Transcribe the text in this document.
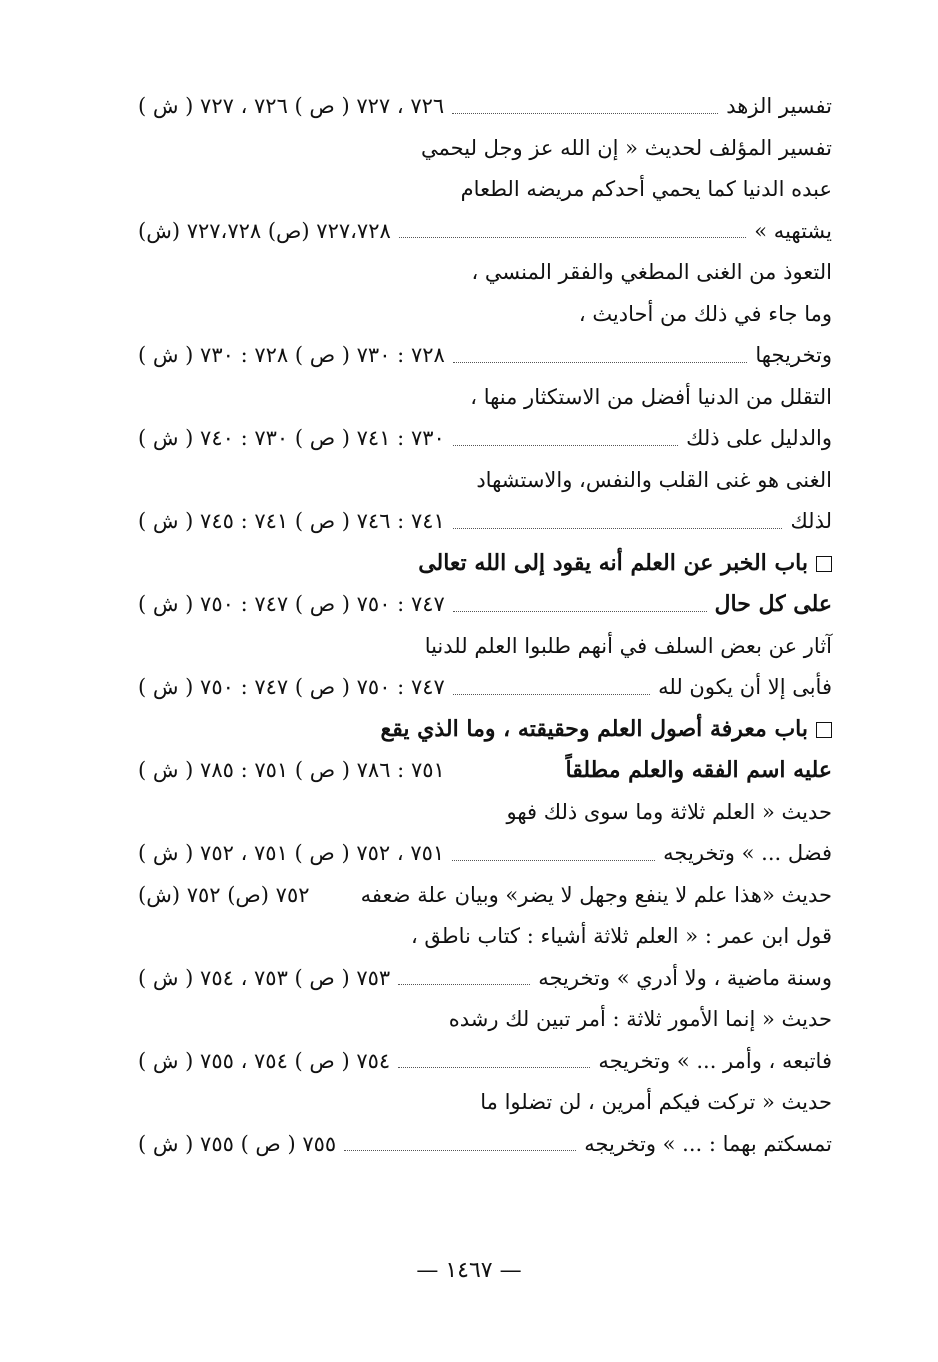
تفسير الزهد
٧٢٦ ، ٧٢٧ ( ص ) ٧٢٦ ، ٧٢٧ ( ش )
تفسير المؤلف لحديث « إن الله عز وجل ليحمي
عبده الدنيا كما يحمي أحدكم مريضه الطعام
يشتهيه »
٧٢٧،٧٢٨ (ص) ٧٢٧،٧٢٨ (ش)
التعوذ من الغنى المطغي والفقر المنسي ،
وما جاء في ذلك من أحاديث ،
وتخريجها
٧٢٨ : ٧٣٠ ( ص ) ٧٢٨ : ٧٣٠ ( ش )
التقلل من الدنيا أفضل من الاستكثار منها ،
والدليل على ذلك
٧٣٠ : ٧٤١ ( ص ) ٧٣٠ : ٧٤٠ ( ش )
الغنى هو غنى القلب والنفس، والاستشهاد
لذلك
٧٤١ : ٧٤٦ ( ص ) ٧٤١ : ٧٤٥ ( ش )
باب الخبر عن العلم أنه يقود إلى الله تعالى
على كل حال
٧٤٧ : ٧٥٠ ( ص ) ٧٤٧ : ٧٥٠ ( ش )
آثار عن بعض السلف في أنهم طلبوا العلم للدنيا
فأبى إلا أن يكون لله
٧٤٧ : ٧٥٠ ( ص ) ٧٤٧ : ٧٥٠ ( ش )
باب معرفة أصول العلم وحقيقته ، وما الذي يقع
عليه اسم الفقه والعلم مطلقاً
٧٥١ : ٧٨٦ ( ص ) ٧٥١ : ٧٨٥ ( ش )
حديث « العلم ثلاثة وما سوى ذلك فهو
فضل ... » وتخريجه
٧٥١ ، ٧٥٢ ( ص ) ٧٥١ ، ٧٥٢ ( ش )
حديث «هذا علم لا ينفع وجهل لا يضر» وبيان علة ضعفه
٧٥٢ (ص) ٧٥٢ (ش)
قول ابن عمر : « العلم ثلاثة أشياء : كتاب ناطق ،
وسنة ماضية ، ولا أدري » وتخريجه
٧٥٣ ( ص ) ٧٥٣ ، ٧٥٤ ( ش )
حديث « إنما الأمور ثلاثة : أمر تبين لك رشده
فاتبعه ، وأمر ... » وتخريجه
٧٥٤ ( ص ) ٧٥٤ ، ٧٥٥ ( ش )
حديث « تركت فيكم أمرين ، لن تضلوا ما
تمسكتم بهما : ... » وتخريجه
٧٥٥ ( ص ) ٧٥٥ ( ش )
— ١٤٦٧ —
